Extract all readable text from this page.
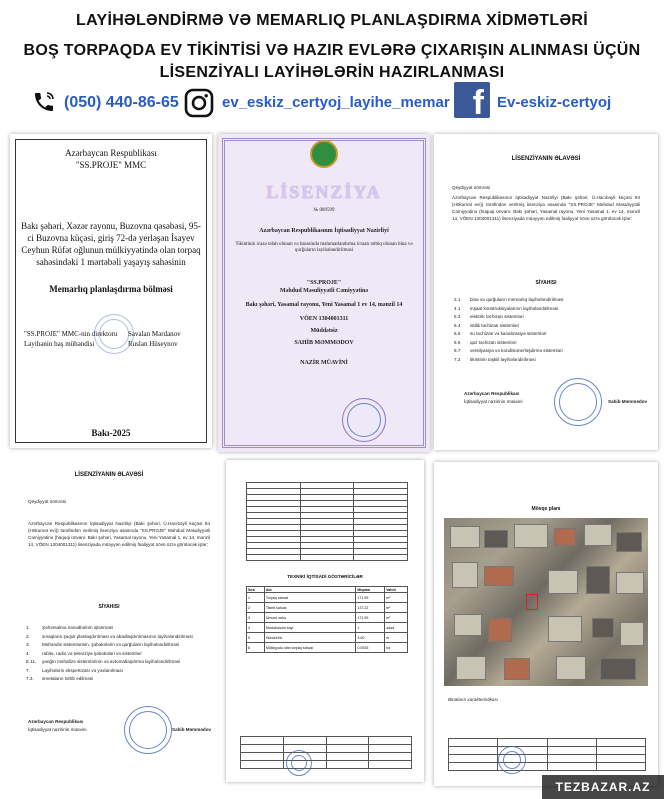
LAYİHƏLƏNDİRMƏ VƏ MEMARLIQ PLANLAŞDIRMA XİDMƏTLƏRİ
BOŞ TORPAQDA EV TİKİNTİSİ VƏ HAZIR EVLƏRƏ ÇIXARIŞIN ALINMASI ÜÇÜN
LİSENZİYALI LAYİHƏLƏRİN HAZIRLANMASI
(050) 440-86-65	ev_eskiz_certyoj_layihe_memar	Ev-eskiz-certyoj
f
Azərbaycan Respublikası
"SS.PROJE" MMC
Bakı şəhəri, Xəzər rayonu, Buzovna qəsəbəsi, 95-ci Buzovna küçəsi, giriş 72-də yerləşən İsayev Ceyhun Rüfət oğlunun mülkiyyətində olan torpaq sahəsindəki 1 mərtəbəli yaşayış sahəsinin
Memarlıq planlaşdırma bölməsi
"SS.PROJE" MMC-nin direktoru
Layihənin baş mühəndisi
Savalan Mərdanov
Ruslan Hüseynov
Bakı-2025
LİSENZİYA
№ 089599
Azərbaycan Respublikasının İqtisadiyyat Nazirliyi
Tikintinin icazə tələb olunan və barəsində məlumatlandırma icraatı tətbiq olunan bina və qurğuların layihələndirilməsi
"SS.PROJE"
Məhdud Məsuliyyətli Cəmiyyətinə
Bakı şəhəri, Yasamal rayonu, Yeni Yasamal 1 ev 14, mənzil 14
VÖEN 1304001311
Müddətsiz
SAHİB MƏMMƏDOV
NAZİR MÜAVİNİ
LİSENZİYANIN ƏLAVƏSİ
Qeydiyyat nömrəsi
Azərbaycan Respublikasının İqtisadiyyat Nazirliyi (Bakı şəhəri, Ü.Hacıbəyli küçəsi 84 (Hökumət evi)) tərəfindən verilmiş lisenziya əsasında "SS.PROJE" Məhdud Məsuliyyətli Cəmiyyətinə (hüquqi ünvanı: Bakı şəhəri, Yasamal rayonu, Yeni Yasamal 1, ev 14, mənzil 14, VÖEN 1304001311) lisenziyada müəyyən edilmiş fəaliyyət növü üzrə görüləcək işlər:
SİYAHISI
2.1 bina və qurğuların memarlıq layihələndirilməsi
4.1 inşaat konstruksiyalarının layihələndirilməsi
6.3 elektrik təchizatı sistemləri
6.4 istilik təchizatı sistemləri
6.5 su təchizatı və kanalizasiya sistemləri
6.6 qaz təchizatı sistemləri
6.7 ventilyasiya və kondisionerləşdirmə sistemləri
7.2 tikintinin təşkili layihələndirilməsi
Azərbaycan Respublikası
İqtisadiyyat nazirinin müavini	Sahib Məmmədov
LİSENZİYANIN ƏLAVƏSİ
Qeydiyyat nömrəsi
Azərbaycan Respublikasının İqtisadiyyat Nazirliyi (Bakı şəhəri, Ü.Hacıbəyli küçəsi 84 (Hökumət evi)) tərəfindən verilmiş lisenziya əsasında "SS.PROJE" Məhdud Məsuliyyətli Cəmiyyətinə (hüquqi ünvanı: Bakı şəhəri, Yasamal rayonu, Yeni Yasamal 1, ev 14, mənzil 14, VÖEN 1304001311) lisenziyada müəyyən edilmiş fəaliyyət növü üzrə görüləcək işlər:
SİYAHISI
1.	Şəhərsalma sənədlərinin işlənməsi
2.	sınaqların şəquli planlaşdırılması və abadlaşdırılmasının layihələndirilməsi
3.	Mühəndis sistemlərinin, şəbəkələrin və qurğuların layihələndirilməsi
4.	rabitə, radio və televiziya şəbəkələri və sistemləri
E.11. yanğın mühafizə sistemlərinin və avtomatlaşdırma layihələndirilməsi
7.	Layihələrin ekspertizası və yoxlanılması
7.3. smetaların tərtib edilməsi
Azərbaycan Respublikası
İqtisadiyyat nazirinin müavini	Sahib Məmmədov

TEXNİKİ İQTİSADİ GÖSTƏRİCİLƏR
Sıra	Adı	Miqdarı	Vahid
1	Torpaq sahəsi	171.99	m²
2	Tikinti sahəsi	137.22	m²
3	Ümumi sahə	171.99	m²
4	Mərtəbələrin sayı	1	ədəd
5	Hündürlük	3.00	m
6	Mülkiyyətə olan torpaq sahəsi	0.0535	ha

Mövqe planı
Binaların xarakteristikası

TEZBAZAR.AZ
